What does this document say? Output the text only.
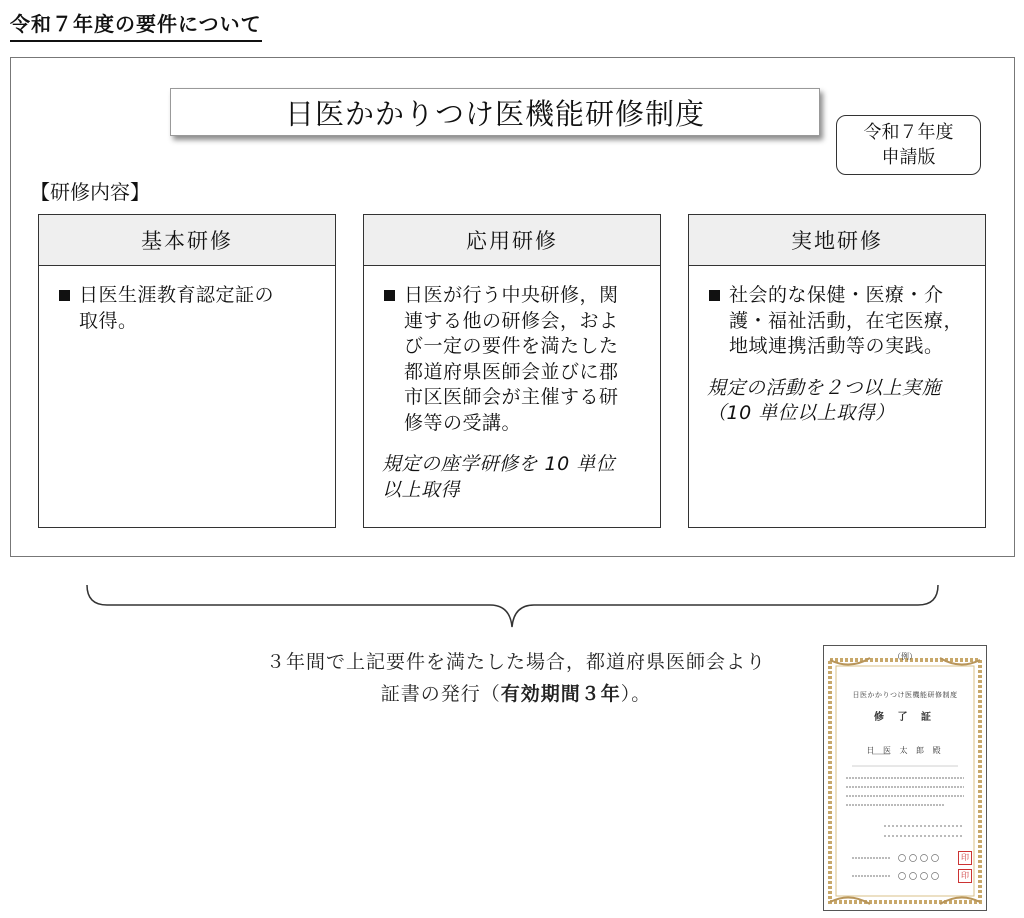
令和７年度の要件について
日医かかりつけ医機能研修制度
令和７年度
申請版
【研修内容】
基本研修
日医生涯教育認定証の
取得。
応用研修
日医が行う中央研修，関
連する他の研修会，およ
び一定の要件を満たした
都道府県医師会並びに郡
市区医師会が主催する研
修等の受講。
規定の座学研修を 10 単位
以上取得
実地研修
社会的な保健・医療・介
護・福祉活動，在宅医療，
地域連携活動等の実践。
規定の活動を２つ以上実施
（10 単位以上取得）
３年間で上記要件を満たした場合，都道府県医師会より
証書の発行（有効期間３年）。
（例）
日医かかりつけ医機能研修制度
修 了 証
日 医 太 郎 殿
印
印
